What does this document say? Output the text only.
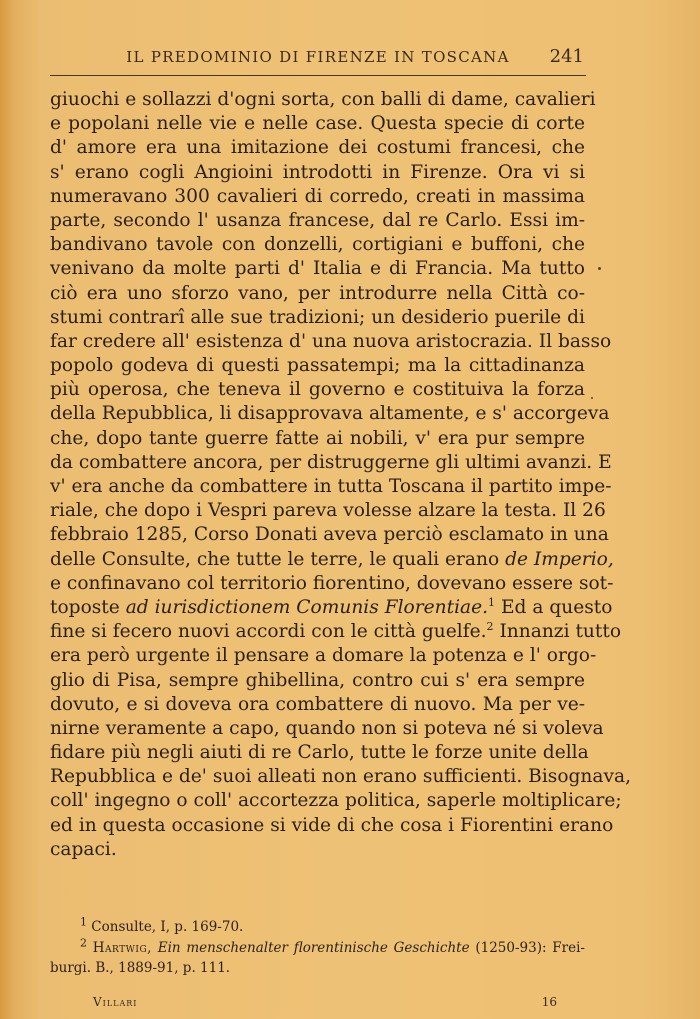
IL PREDOMINIO DI FIRENZE IN TOSCANA	241
giuochi e sollazzi d'ogni sorta, con balli di dame, cavalieri
e popolani nelle vie e nelle case. Questa specie di corte
d' amore era una imitazione dei costumi francesi, che
s' erano cogli Angioini introdotti in Firenze. Ora vi si
numeravano 300 cavalieri di corredo, creati in massima
parte, secondo l' usanza francese, dal re Carlo. Essi im-
bandivano tavole con donzelli, cortigiani e buffoni, che
venivano da molte parti d' Italia e di Francia. Ma tutto
ciò era uno sforzo vano, per introdurre nella Città co-
stumi contrarî alle sue tradizioni; un desiderio puerile di
far credere all' esistenza d' una nuova aristocrazia. Il basso
popolo godeva di questi passatempi; ma la cittadinanza
più operosa, che teneva il governo e costituiva la forza
della Repubblica, li disapprovava altamente, e s' accorgeva
che, dopo tante guerre fatte ai nobili, v' era pur sempre
da combattere ancora, per distruggerne gli ultimi avanzi. E
v' era anche da combattere in tutta Toscana il partito impe-
riale, che dopo i Vespri pareva volesse alzare la testa. Il 26
febbraio 1285, Corso Donati aveva perciò esclamato in una
delle Consulte, che tutte le terre, le quali erano de Imperio,
e confinavano col territorio fiorentino, dovevano essere sot-
toposte ad iurisdictionem Comunis Florentiae.$^1$ Ed a questo
fine si fecero nuovi accordi con le città guelfe.$^2$ Innanzi tutto
era però urgente il pensare a domare la potenza e l' orgo-
glio di Pisa, sempre ghibellina, contro cui s' era sempre
dovuto, e si doveva ora combattere di nuovo. Ma per ve-
nirne veramente a capo, quando non si poteva né si voleva
fidare più negli aiuti di re Carlo, tutte le forze unite della
Repubblica e de' suoi alleati non erano sufficienti. Bisognava,
coll' ingegno o coll' accortezza politica, saperle moltiplicare;
ed in questa occasione si vide di che cosa i Fiorentini erano
capaci.
$^1$ Consulte, I, p. 169-70.
$^2$ Hartwig, Ein menschenalter florentinische Geschichte (1250-93): Frei-
burgi. B., 1889-91, p. 111.
Villari	16
